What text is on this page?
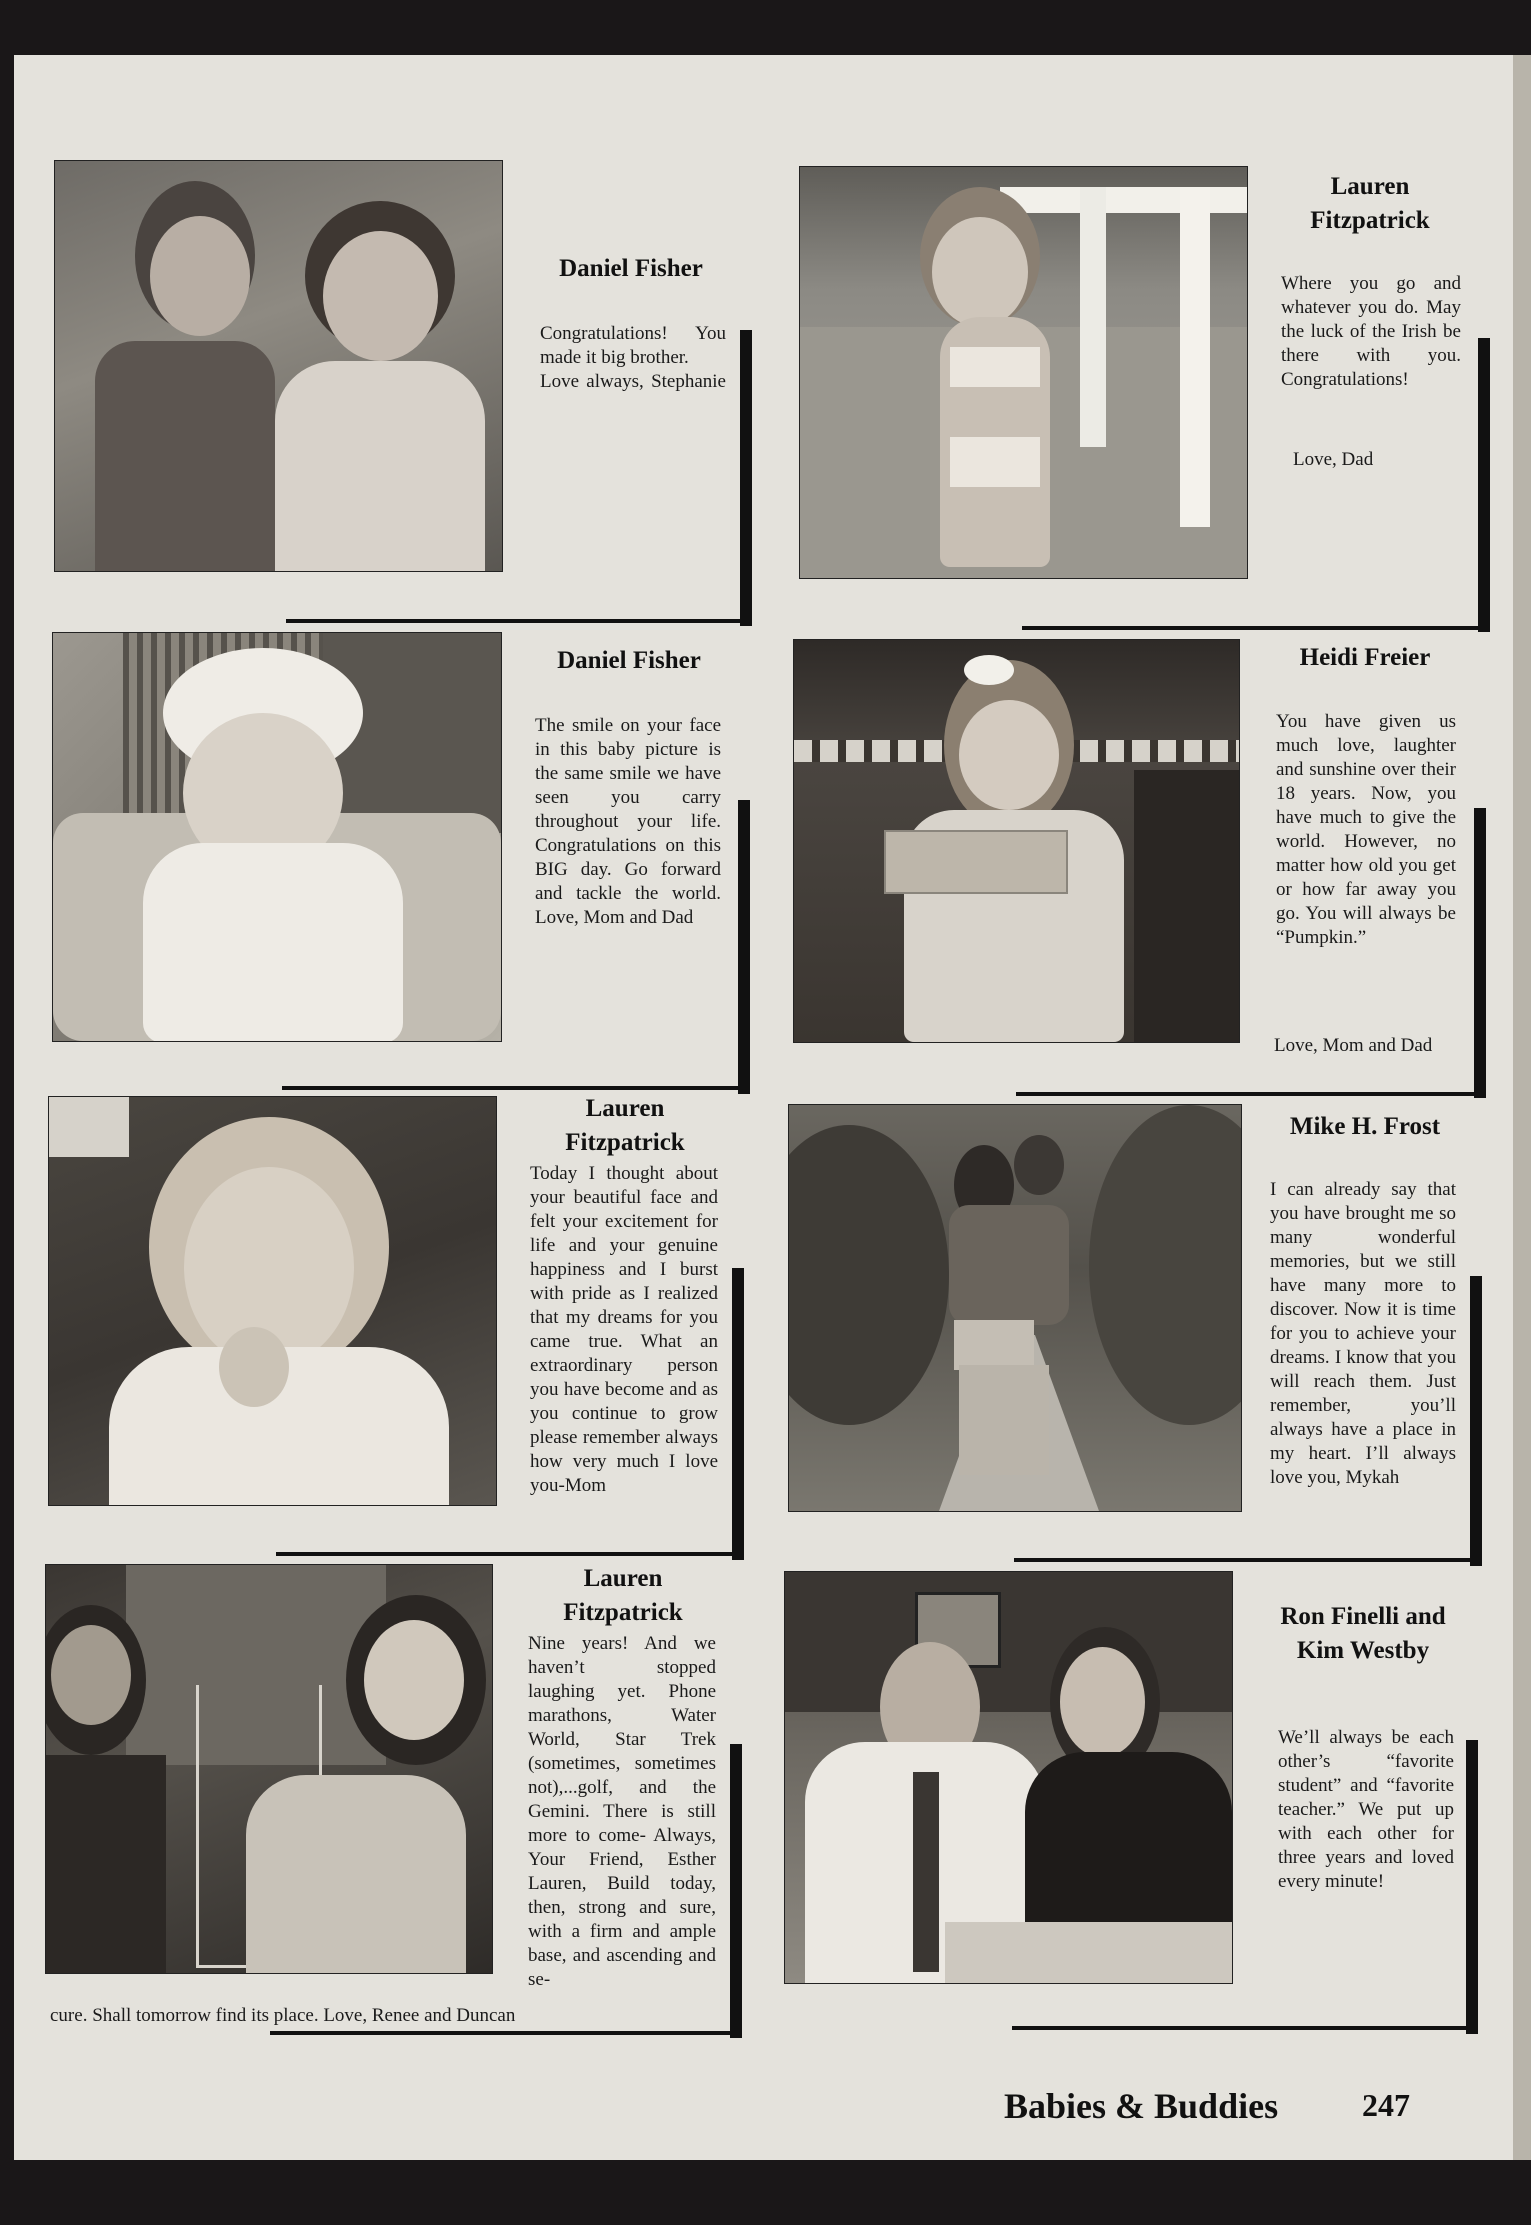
Daniel Fisher
Congratulations! You made it big brother.
Love always, Stephanie
Lauren Fitzpatrick
Where you go and whatever you do. May the luck of the Irish be there with you. Congratulations!
Love, Dad
Daniel Fisher
The smile on your face in this baby picture is the same smile we have seen you carry throughout your life. Congratulations on this BIG day. Go forward and tackle the world. Love, Mom and Dad
Heidi Freier
You have given us much love, laughter and sunshine over their 18 years. Now, you have much to give the world. However, no matter how old you get or how far away you go. You will always be “Pumpkin.”
Love, Mom and Dad
Lauren Fitzpatrick
Today I thought about your beautiful face and felt your excitement for life and your genuine happiness and I burst with pride as I realized that my dreams for you came true. What an extraordinary person you have become and as you continue to grow please remember always how very much I love you-Mom
Mike H. Frost
I can already say that you have brought me so many wonderful memories, but we still have many more to discover. Now it is time for you to achieve your dreams. I know that you will reach them. Just remember, you’ll always have a place in my heart. I’ll always love you, Mykah
Lauren Fitzpatrick
Nine years! And we haven’t stopped laughing yet. Phone marathons, Water World, Star Trek (sometimes, sometimes not),...golf, and the Gemini. There is still more to come- Always, Your Friend, Esther Lauren, Build today, then, strong and sure, with a firm and ample base, and ascending and se-
cure. Shall tomorrow find its place. Love, Renee and Duncan
Ron Finelli and Kim Westby
We’ll always be each other’s “favorite student” and “favorite teacher.” We put up with each other for three years and loved every minute!
Babies & Buddies	247
